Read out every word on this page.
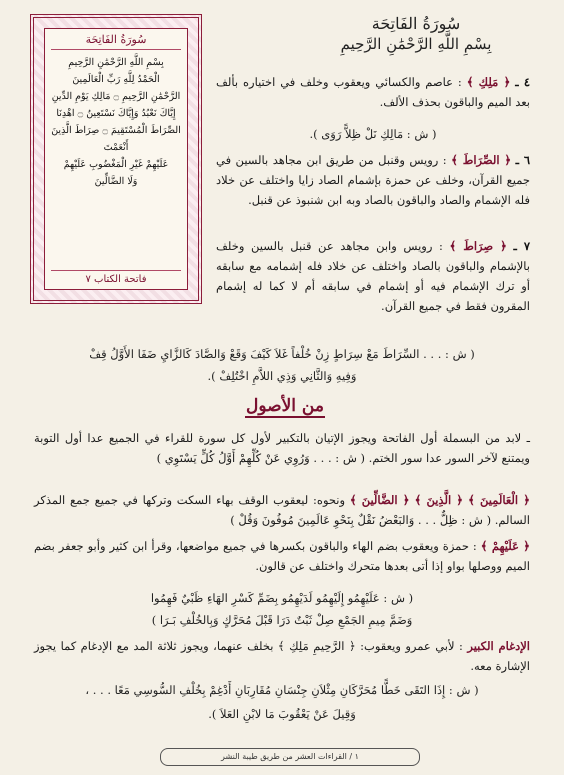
سُورَةُ الفَاتِحَة
بِسْمِ اللَّهِ الرَّحْمَٰنِ الرَّحِيمِ
الْحَمْدُ لِلَّهِ رَبِّ الْعَالَمِينَ
الرَّحْمَٰنِ الرَّحِيمِ ۝ مَالِكِ يَوْمِ الدِّينِ
إِيَّاكَ نَعْبُدُ وَإِيَّاكَ نَسْتَعِينُ ۝ اهْدِنَا
الصِّرَاطَ الْمُسْتَقِيمَ ۝ صِرَاطَ الَّذِينَ أَنْعَمْتَ
عَلَيْهِمْ غَيْرِ الْمَغْضُوبِ عَلَيْهِمْ
وَلَا الضَّالِّينَ
فاتحة الكتاب ٧
سُورَةُ الفَاتِحَة
بِسْمِ اللَّهِ الرَّحْمَٰنِ الرَّحِيمِ
٤ ـ ﴿ مَلِكِ ﴾ : عاصم والكسائي ويعقوب وخلف في اختياره بألف بعد الميم والباقون بحذف الألف.
( ش : مَالِكِ نَلْ ظِلاًّ رَوَى ).
٦ ـ ﴿ الصِّرَاطَ ﴾ : رويس وقنبل من طريق ابن مجاهد بالسين في جميع القرآن، وخلف عن حمزة بإشمام الصاد زايا واختلف عن خلاد فله الإشمام والصاد والباقون بالصاد وبه ابن شنبوذ عن قنبل.
٧ ـ ﴿ صِرَاطَ ﴾ : رويس وابن مجاهد عن قنبل بالسين وخلف بالإشمام والباقون بالصاد واختلف عن خلاد فله إشمامه مع سابقه أو ترك الإشمام فيه أو إشمام في سابقه أم لا كما له إشمام المقرون فقط في جميع القرآن.
( ش : . . . السِّرَاطَ مَعْ سِرَاطٍ زِنْ خُلْفاً غَلاَ كَيْفَ وَقَعْ وَالصَّادَ كَالزَّايِ ضَفَا الأَوَّلُ قِفْ
وَفِيهِ وَالثَّانِي وَذِي اللاَّمِ اخْتُلِفْ ).
من الأصول
ـ لابد من البسملة أول الفاتحة ويجوز الإتيان بالتكبير لأول كل سورة للقراء في الجميع عدا أول التوبة ويمتنع لآخر السور عدا سور الختم. ( ش : . . . وَرُوِي عَنْ كُلِّهِمْ أَوَّلُ كُلٍّ يَسْتَوِي )
﴿ الْعَالَمِينَ ﴾ ﴿ الَّذِينَ ﴾ ﴿ الضَّالِّينَ ﴾ ونحوه: ليعقوب الوقف بهاء السكت وتركها في جميع جمع المذكر السالم. ( ش : ظِلٌّ . . . وَالبَعْضُ نَقْلٌ بِنَحْوِ عَالَمِينَ مُوفُونَ وَقُلْ )
﴿ عَلَيْهِمْ ﴾ : حمزة ويعقوب بضم الهاء والباقون بكسرها في جميع مواضعها، وقرأ ابن كثير وأبو جعفر بضم الميم ووصلها بواو إذا أتى بعدها متحرك واختلف عن قالون.
( ش : عَلَيْهِمُو إِلَيْهِمُو لَدَيْهِمُو بِضَمِّ كَسْرِ الهَاءِ ظَبْيٌ فَهِمُوا
وَضَمَّ مِيمِ الجَمْعِ صِلْ ثَبْتٌ دَرَا قَبْلَ مُحَرَّكٍ وَبِالخُلْفِ بَـرَا )
الإدغام الكبير : لأبي عمرو ويعقوب: ﴿ الرَّحِيمِ مَلِكِ ﴾ بخلف عنهما، ويجوز ثلاثة المد مع الإدغام كما يجوز الإشارة معه.
( ش : إِذَا التَقَى خَطًّا مُحَرَّكَانِ مِثْلاَنِ جِنْسَانِ مُقَارِبَانِ أَدْغِمْ بِخُلْفِ السُّوسِي مَعًا . . . ،
وَقِيلَ عَنْ يَعْقُوبَ مَا لابْنِ العَلاَ ).
١ / القراءات العشر من طريق طيبة النشر
